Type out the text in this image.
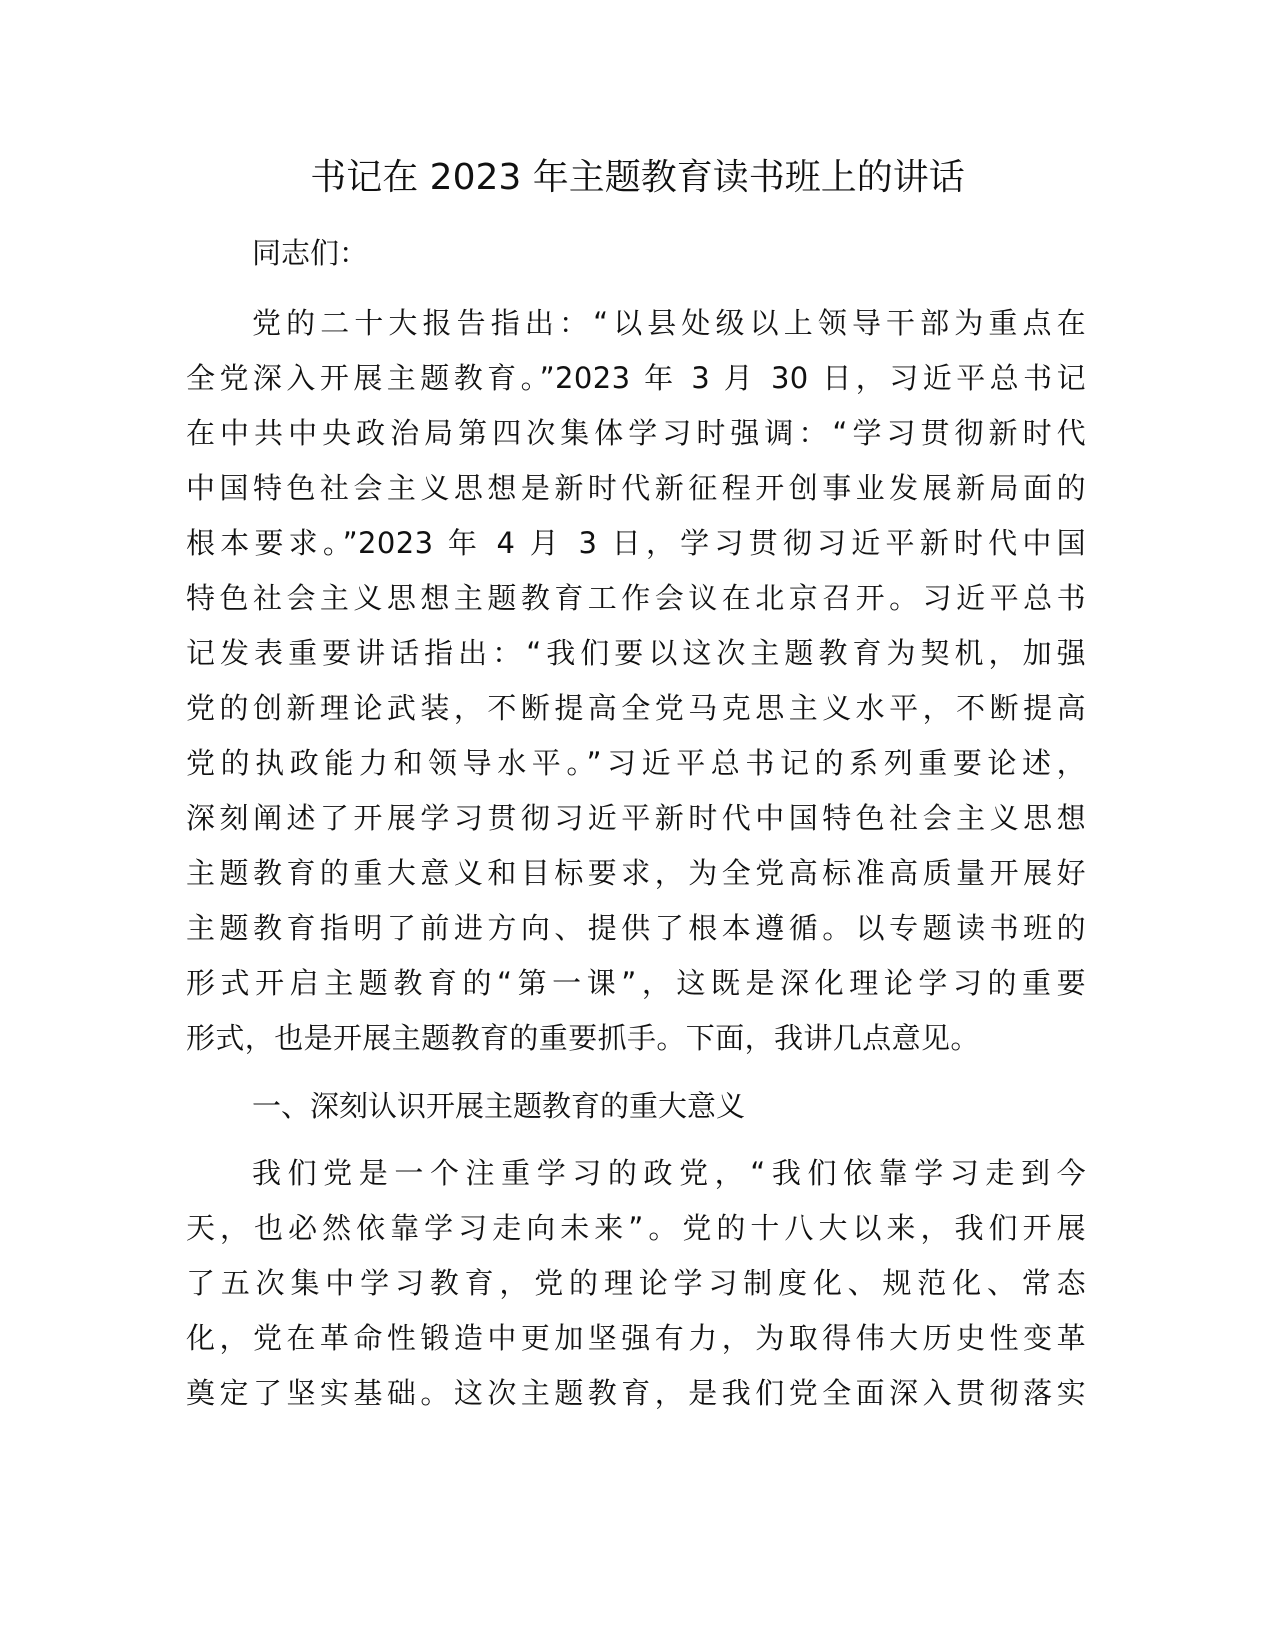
书记在 2023 年主题教育读书班上的讲话
同志们：
党的二十大报告指出：“以县处级以上领导干部为重点在
全党深入开展主题教育。”2023 年 3 月 30 日，习近平总书记
在中共中央政治局第四次集体学习时强调：“学习贯彻新时代
中国特色社会主义思想是新时代新征程开创事业发展新局面的
根本要求。”2023 年 4 月 3 日，学习贯彻习近平新时代中国
特色社会主义思想主题教育工作会议在北京召开。习近平总书
记发表重要讲话指出：“我们要以这次主题教育为契机，加强
党的创新理论武装，不断提高全党马克思主义水平，不断提高
党的执政能力和领导水平。”习近平总书记的系列重要论述，
深刻阐述了开展学习贯彻习近平新时代中国特色社会主义思想
主题教育的重大意义和目标要求，为全党高标准高质量开展好
主题教育指明了前进方向、提供了根本遵循。以专题读书班的
形式开启主题教育的“第一课”，这既是深化理论学习的重要
形式，也是开展主题教育的重要抓手。下面，我讲几点意见。
一、深刻认识开展主题教育的重大意义
我们党是一个注重学习的政党，“我们依靠学习走到今
天，也必然依靠学习走向未来”。党的十八大以来，我们开展
了五次集中学习教育，党的理论学习制度化、规范化、常态
化，党在革命性锻造中更加坚强有力，为取得伟大历史性变革
奠定了坚实基础。这次主题教育，是我们党全面深入贯彻落实
